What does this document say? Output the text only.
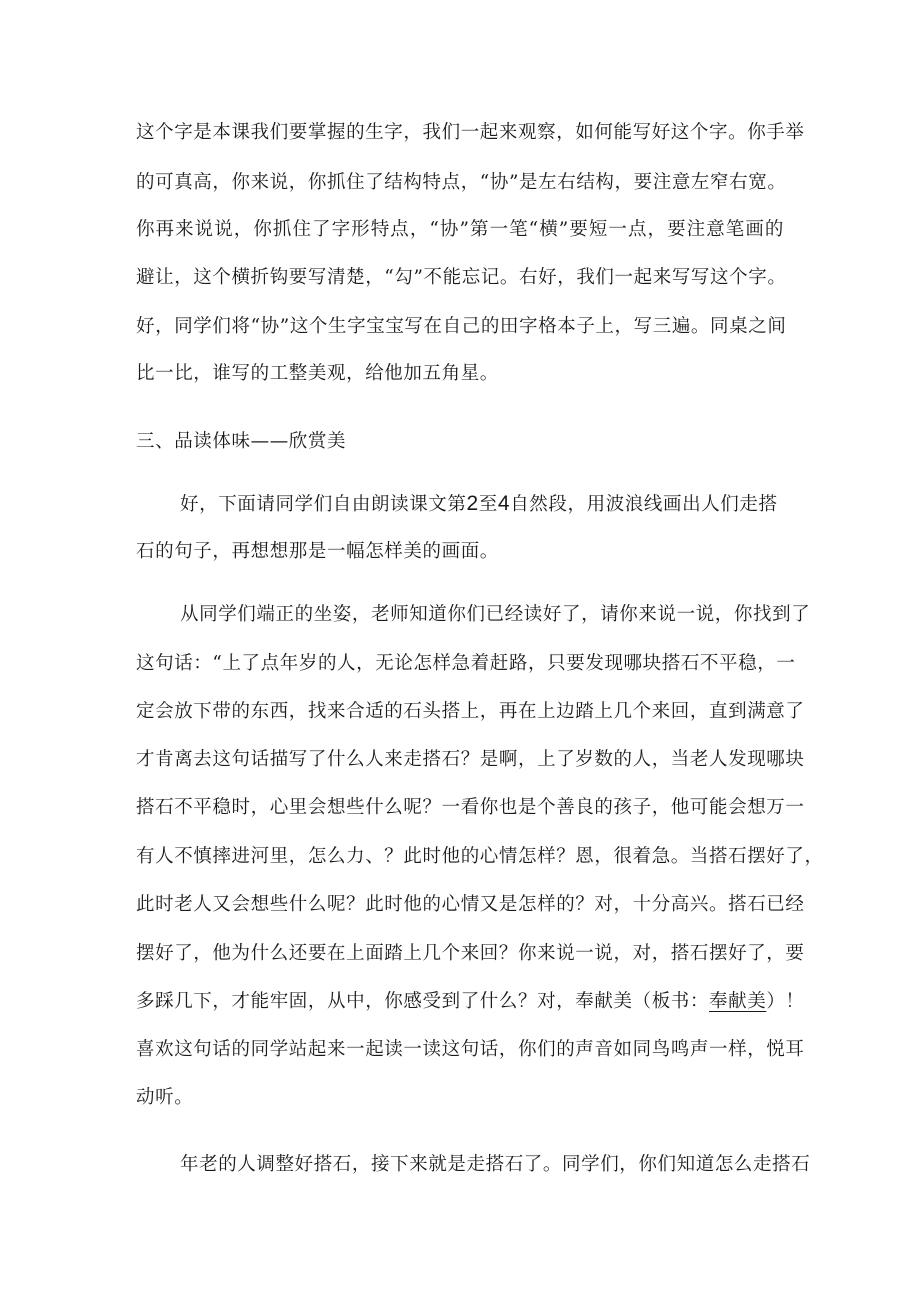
这个字是本课我们要掌握的生字，我们一起来观察，如何能写好这个字。你手举
的可真高，你来说，你抓住了结构特点，“协”是左右结构，要注意左窄右宽。
你再来说说，你抓住了字形特点，“协”第一笔“横”要短一点，要注意笔画的
避让，这个横折钩要写清楚，“勾”不能忘记。右好，我们一起来写写这个字。
好，同学们将“协”这个生字宝宝写在自己的田字格本子上，写三遍。同桌之间
比一比，谁写的工整美观，给他加五角星。
三、品读体味——欣赏美
好，下面请同学们自由朗读课文第2至4自然段，用波浪线画出人们走搭
石的句子，再想想那是一幅怎样美的画面。
从同学们端正的坐姿，老师知道你们已经读好了，请你来说一说，你找到了
这句话：“上了点年岁的人，无论怎样急着赶路，只要发现哪块搭石不平稳，一
定会放下带的东西，找来合适的石头搭上，再在上边踏上几个来回，直到满意了
才肯离去这句话描写了什么人来走搭石？是啊，上了岁数的人，当老人发现哪块
搭石不平稳时，心里会想些什么呢？一看你也是个善良的孩子，他可能会想万一
有人不慎摔进河里，怎么力、？此时他的心情怎样？恩，很着急。当搭石摆好了，
此时老人又会想些什么呢？此时他的心情又是怎样的？对，十分高兴。搭石已经
摆好了，他为什么还要在上面踏上几个来回？你来说一说，对，搭石摆好了，要
多踩几下，才能牢固，从中，你感受到了什么？对，奉献美（板书：奉献美）！
喜欢这句话的同学站起来一起读一读这句话，你们的声音如同鸟鸣声一样，悦耳
动听。
年老的人调整好搭石，接下来就是走搭石了。同学们，你们知道怎么走搭石
